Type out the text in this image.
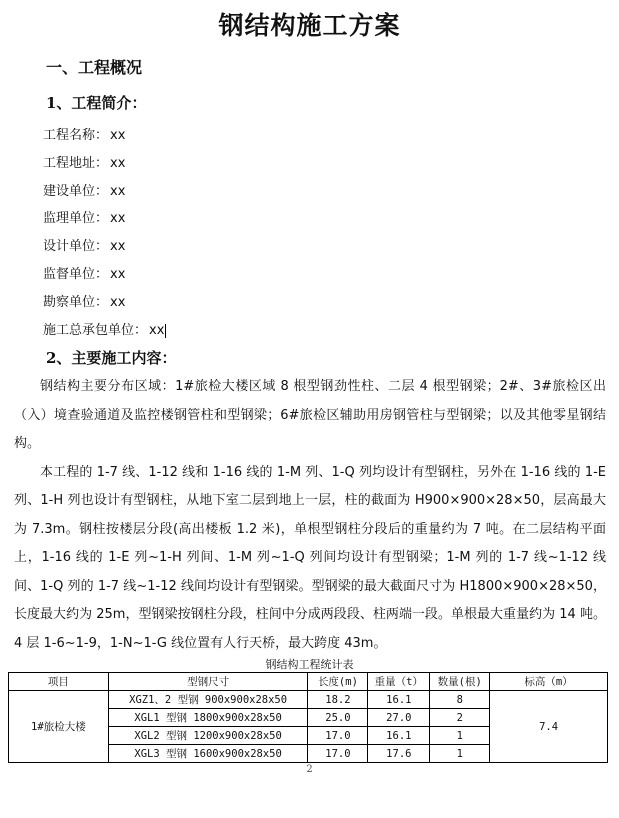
钢结构施工方案
一、工程概况
1、工程简介：
工程名称： xx
工程地址： xx
建设单位： xx
监理单位： xx
设计单位： xx
监督单位： xx
勘察单位： xx
施工总承包单位： xx
2、主要施工内容：

钢结构主要分布区域：1#旅检大楼区域 8 根型钢劲性柱、二层 4 根型钢梁；2#、3#旅检区出（入）境查验通道及监控楼钢管柱和型钢梁；6#旅检区辅助用房钢管柱与型钢梁；以及其他零星钢结构。

本工程的 1-7 线、1-12 线和 1-16 线的 1-M 列、1-Q 列均设计有型钢柱，另外在 1-16 线的 1-E 列、1-H 列也设计有型钢柱，从地下室二层到地上一层，柱的截面为 H900×900×28×50，层高最大为 7.3m。钢柱按楼层分段(高出楼板 1.2 米)，单根型钢柱分段后的重量约为 7 吨。在二层结构平面上，1-16 线的 1-E 列~1-H 列间、1-M 列~1-Q 列间均设计有型钢梁；1-M 列的 1-7 线~1-12 线间、1-Q 列的 1-7 线~1-12 线间均设计有型钢梁。型钢梁的最大截面尺寸为 H1800×900×28×50，长度最大约为 25m，型钢梁按钢柱分段，柱间中分成两段段、柱两端一段。单根最大重量约为 14 吨。4 层 1-6~1-9，1-N~1-G 线位置有人行天桥，最大跨度 43m。

钢结构工程统计表
项目	型钢尺寸	长度(m)	重量（t）	数量(根)	标高（m）
1#旅检大楼	XGZ1、2 型钢 900x900x28x50	18.2	16.1	8	7.4
	XGL1 型钢 1800x900x28x50	25.0	27.0	2	
	XGL2 型钢 1200x900x28x50	17.0	16.1	1	
	XGL3 型钢 1600x900x28x50	17.0	17.6	1	
2
